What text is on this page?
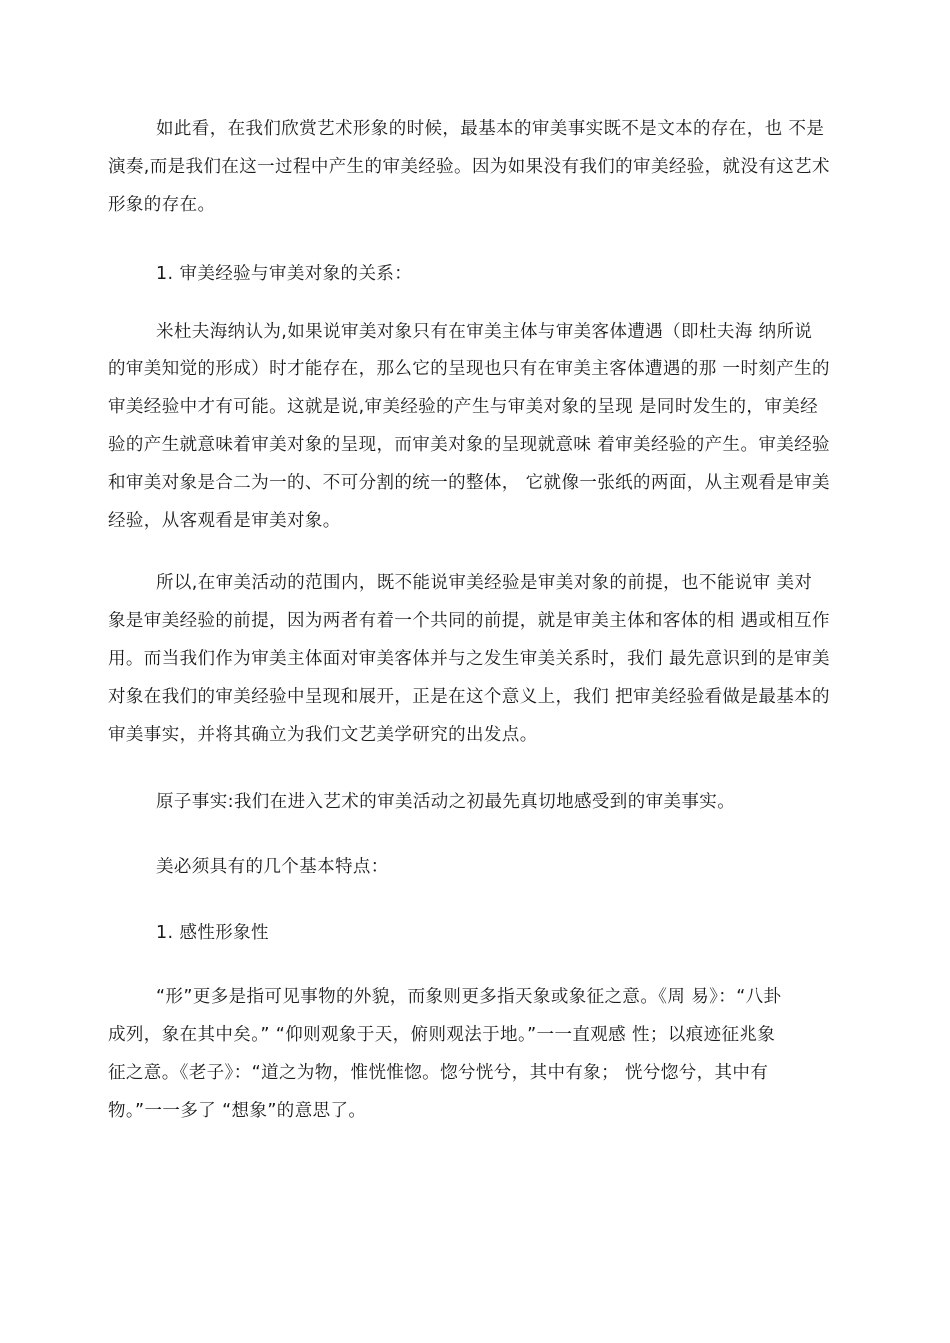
如此看，在我们欣赏艺术形象的时候，最基本的审美事实既不是文本的存在，也 不是
演奏,而是我们在这一过程中产生的审美经验。因为如果没有我们的审美经验，就没有这艺术
形象的存在。
1. 审美经验与审美对象的关系：
米杜夫海纳认为,如果说审美对象只有在审美主体与审美客体遭遇（即杜夫海 纳所说
的审美知觉的形成）时才能存在，那么它的呈现也只有在审美主客体遭遇的那 一时刻产生的
审美经验中才有可能。这就是说,审美经验的产生与审美对象的呈现 是同时发生的，审美经
验的产生就意味着审美对象的呈现，而审美对象的呈现就意味 着审美经验的产生。审美经验
和审美对象是合二为一的、不可分割的统一的整体， 它就像一张纸的两面，从主观看是审美
经验，从客观看是审美对象。
所以,在审美活动的范围内，既不能说审美经验是审美对象的前提，也不能说审 美对
象是审美经验的前提，因为两者有着一个共同的前提，就是审美主体和客体的相 遇或相互作
用。而当我们作为审美主体面对审美客体并与之发生审美关系时，我们 最先意识到的是审美
对象在我们的审美经验中呈现和展开，正是在这个意义上，我们 把审美经验看做是最基本的
审美事实，并将其确立为我们文艺美学研究的出发点。
原子事实:我们在进入艺术的审美活动之初最先真切地感受到的审美事实。
美必须具有的几个基本特点：
1. 感性形象性
“形”更多是指可见事物的外貌，而象则更多指天象或象征之意。《周 易》：“八卦
成列，象在其中矣。” “仰则观象于天，俯则观法于地。”一一直观感 性；以痕迹征兆象
征之意。《老子》：“道之为物，惟恍惟惚。惚兮恍兮，其中有象； 恍兮惚兮，其中有
物。”一一多了 “想象”的意思了。
